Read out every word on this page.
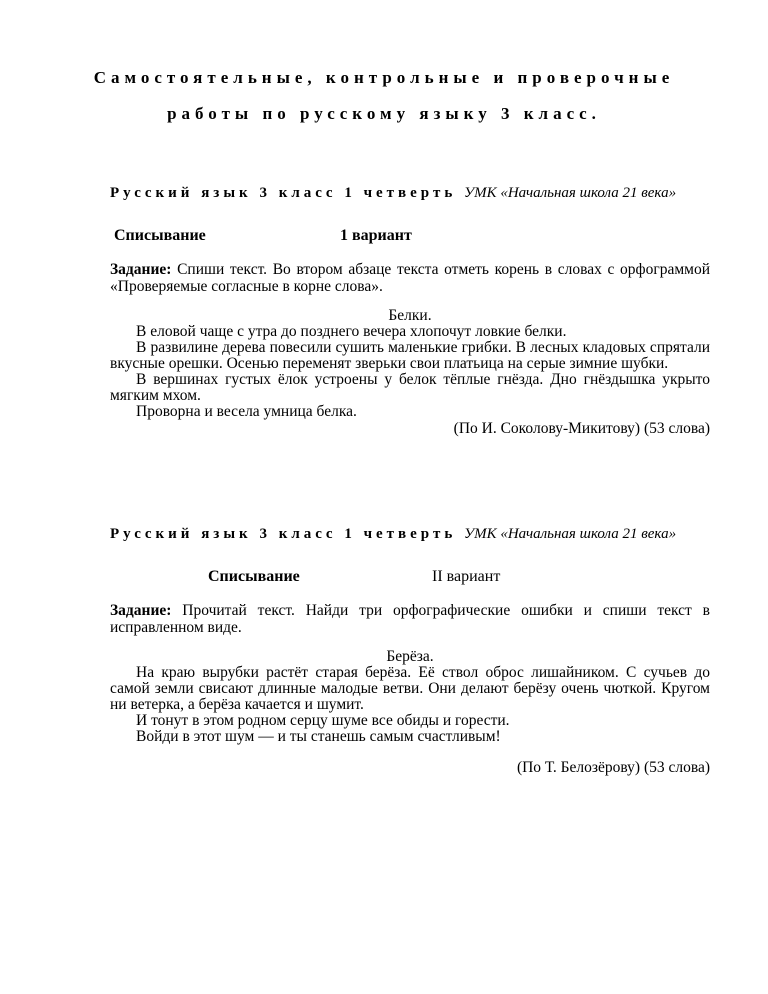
Самостоятельные, контрольные и проверочные
работы по русскому языку 3 класс.
Русский язык 3 класс 1 четверть УМК «Начальная школа 21 века»
Списывание	1 вариант
Задание: Спиши текст. Во втором абзаце текста отметь корень в словах с орфограммой «Проверяемые согласные в корне слова».
Белки.

В еловой чаще с утра до позднего вечера хлопочут ловкие белки.

В развилине дерева повесили сушить маленькие грибки. В лесных кладовых спрятали вкусные орешки. Осенью переменят зверьки свои платьица на серые зимние шубки.

В вершинах густых ёлок устроены у белок тёплые гнёзда. Дно гнёздышка укрыто мягким мхом.

Проворна и весела умница белка.

(По И. Соколову-Микитову) (53 слова)
Русский язык 3 класс 1 четверть УМК «Начальная школа 21 века»
Списывание	II вариант
Задание: Прочитай текст. Найди три орфографические ошибки и спиши текст в исправленном виде.
Берёза.

На краю вырубки растёт старая берёза. Её ствол оброс лишайником. С сучьев до самой земли свисают длинные малодые ветви. Они делают берёзу очень чюткой. Кругом ни ветерка, а берёза качается и шумит.

И тонут в этом родном серцу шуме все обиды и горести.

Войди в этот шум — и ты станешь самым счастливым!

(По Т. Белозёрову) (53 слова)
